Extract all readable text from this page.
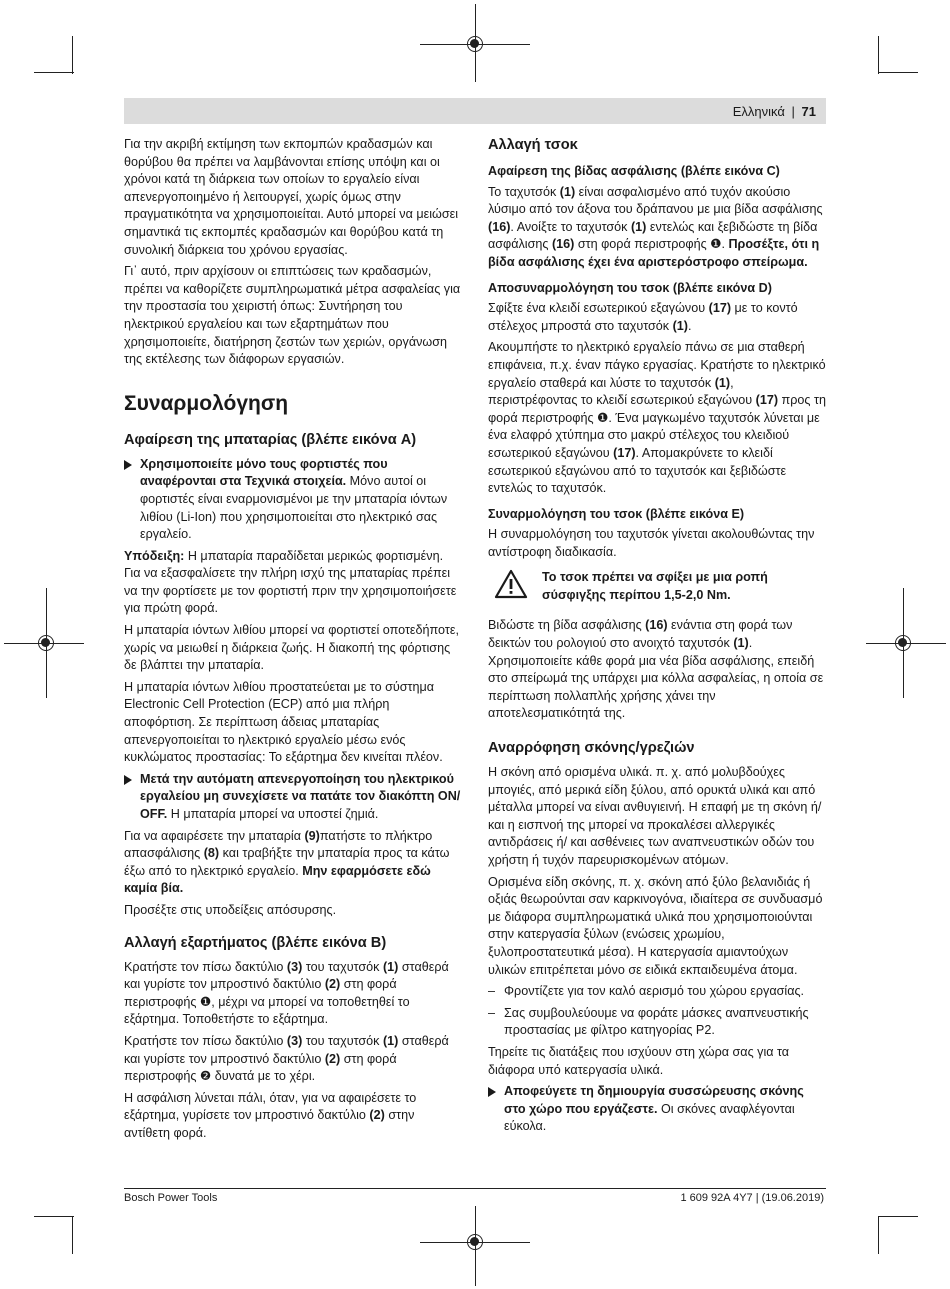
Ελληνικά | 71

Για την ακριβή εκτίμηση των εκπομπών κραδασμών και θορύβου θα πρέπει να λαμβάνονται επίσης υπόψη και οι χρόνοι κατά τη διάρκεια των οποίων το εργαλείο είναι απενεργοποιημένο ή λειτουργεί, χωρίς όμως στην πραγματικότητα να χρησιμοποιείται. Αυτό μπορεί να μειώσει σημαντικά τις εκπομπές κραδασμών και θορύβου κατά τη συνολική διάρκεια του χρόνου εργασίας.

Γι᾽ αυτό, πριν αρχίσουν οι επιπτώσεις των κραδασμών, πρέπει να καθορίζετε συμπληρωματικά μέτρα ασφαλείας για την προστασία του χειριστή όπως: Συντήρηση του ηλεκτρικού εργαλείου και των εξαρτημάτων που χρησιμοποιείτε, διατήρηση ζεστών των χεριών, οργάνωση της εκτέλεσης των διάφορων εργασιών.

Συναρμολόγηση
Αφαίρεση της μπαταρίας (βλέπε εικόνα A)
Χρησιμοποιείτε μόνο τους φορτιστές που αναφέρονται στα Τεχνικά στοιχεία. Μόνο αυτοί οι φορτιστές είναι εναρμονισμένοι με την μπαταρία ιόντων λιθίου (Li-Ion) που χρησιμοποιείται στο ηλεκτρικό σας εργαλείο.

Υπόδειξη: Η μπαταρία παραδίδεται μερικώς φορτισμένη. Για να εξασφαλίσετε την πλήρη ισχύ της μπαταρίας πρέπει να την φορτίσετε με τον φορτιστή πριν την χρησιμοποιήσετε για πρώτη φορά.

Η μπαταρία ιόντων λιθίου μπορεί να φορτιστεί οποτεδήποτε, χωρίς να μειωθεί η διάρκεια ζωής. Η διακοπή της φόρτισης δε βλάπτει την μπαταρία.

Η μπαταρία ιόντων λιθίου προστατεύεται με το σύστημα Electronic Cell Protection (ECP) από μια πλήρη αποφόρτιση. Σε περίπτωση άδειας μπαταρίας απενεργοποιείται το ηλεκτρικό εργαλείο μέσω ενός κυκλώματος προστασίας: Το εξάρτημα δεν κινείται πλέον.

Μετά την αυτόματη απενεργοποίηση του ηλεκτρικού εργαλείου μη συνεχίσετε να πατάτε τον διακόπτη ON/ OFF. Η μπαταρία μπορεί να υποστεί ζημιά.

Για να αφαιρέσετε την μπαταρία (9)πατήστε το πλήκτρο απασφάλισης (8) και τραβήξτε την μπαταρία προς τα κάτω έξω από το ηλεκτρικό εργαλείο. Μην εφαρμόσετε εδώ καμία βία.

Προσέξτε στις υποδείξεις απόσυρσης.

Αλλαγή εξαρτήματος (βλέπε εικόνα B)

Κρατήστε τον πίσω δακτύλιο (3) του ταχυτσόκ (1) σταθερά και γυρίστε τον μπροστινό δακτύλιο (2) στη φορά περιστροφής ❶, μέχρι να μπορεί να τοποθετηθεί το εξάρτημα. Τοποθετήστε το εξάρτημα.

Κρατήστε τον πίσω δακτύλιο (3) του ταχυτσόκ (1) σταθερά και γυρίστε τον μπροστινό δακτύλιο (2) στη φορά περιστροφής ❷ δυνατά με το χέρι.

Η ασφάλιση λύνεται πάλι, όταν, για να αφαιρέσετε το εξάρτημα, γυρίσετε τον μπροστινό δακτύλιο (2) στην αντίθετη φορά.

Αλλαγή τσοκ
Αφαίρεση της βίδας ασφάλισης (βλέπε εικόνα C)

Το ταχυτσόκ (1) είναι ασφαλισμένο από τυχόν ακούσιο λύσιμο από τον άξονα του δράπανου με μια βίδα ασφάλισης (16). Ανοίξτε το ταχυτσόκ (1) εντελώς και ξεβιδώστε τη βίδα ασφάλισης (16) στη φορά περιστροφής ❶. Προσέξτε, ότι η βίδα ασφάλισης έχει ένα αριστερόστροφο σπείρωμα.

Αποσυναρμολόγηση του τσοκ (βλέπε εικόνα D)

Σφίξτε ένα κλειδί εσωτερικού εξαγώνου (17) με το κοντό στέλεχος μπροστά στο ταχυτσόκ (1).

Ακουμπήστε το ηλεκτρικό εργαλείο πάνω σε μια σταθερή επιφάνεια, π.χ. έναν πάγκο εργασίας. Κρατήστε το ηλεκτρικό εργαλείο σταθερά και λύστε το ταχυτσόκ (1), περιστρέφοντας το κλειδί εσωτερικού εξαγώνου (17) προς τη φορά περιστροφής ❶. Ένα μαγκωμένο ταχυτσόκ λύνεται με ένα ελαφρό χτύπημα στο μακρύ στέλεχος του κλειδιού εσωτερικού εξαγώνου (17). Απομακρύνετε το κλειδί εσωτερικού εξαγώνου από το ταχυτσόκ και ξεβιδώστε εντελώς το ταχυτσόκ.

Συναρμολόγηση του τσοκ (βλέπε εικόνα E)

Η συναρμολόγηση του ταχυτσόκ γίνεται ακολουθώντας την αντίστροφη διαδικασία.

Το τσοκ πρέπει να σφίξει με μια ροπή σύσφιγξης περίπου 1,5-2,0 Nm.

Βιδώστε τη βίδα ασφάλισης (16) ενάντια στη φορά των δεικτών του ρολογιού στο ανοιχτό ταχυτσόκ (1). Χρησιμοποιείτε κάθε φορά μια νέα βίδα ασφάλισης, επειδή στο σπείρωμά της υπάρχει μια κόλλα ασφαλείας, η οποία σε περίπτωση πολλαπλής χρήσης χάνει την αποτελεσματικότητά της.

Αναρρόφηση σκόνης/γρεζιών

Η σκόνη από ορισμένα υλικά. π. χ. από μολυβδούχες μπογιές, από μερικά είδη ξύλου, από ορυκτά υλικά και από μέταλλα μπορεί να είναι ανθυγιεινή. Η επαφή με τη σκόνη ή/και η εισπνοή της μπορεί να προκαλέσει αλλεργικές αντιδράσεις ή/ και ασθένειες των αναπνευστικών οδών του χρήστη ή τυχόν παρευρισκομένων ατόμων.

Ορισμένα είδη σκόνης, π. χ. σκόνη από ξύλο βελανιδιάς ή οξιάς θεωρούνται σαν καρκινογόνα, ιδιαίτερα σε συνδυασμό με διάφορα συμπληρωματικά υλικά που χρησιμοποιούνται στην κατεργασία ξύλων (ενώσεις χρωμίου, ξυλοπροστατευτικά μέσα). Η κατεργασία αμιαντούχων υλικών επιτρέπεται μόνο σε ειδικά εκπαιδευμένα άτομα.

– Φροντίζετε για τον καλό αερισμό του χώρου εργασίας.
– Σας συμβουλεύουμε να φοράτε μάσκες αναπνευστικής προστασίας με φίλτρο κατηγορίας P2.

Τηρείτε τις διατάξεις που ισχύουν στη χώρα σας για τα διάφορα υπό κατεργασία υλικά.

Αποφεύγετε τη δημιουργία συσσώρευσης σκόνης στο χώρο που εργάζεστε. Οι σκόνες αναφλέγονται εύκολα.
Bosch Power Tools	1 609 92A 4Y7 | (19.06.2019)
